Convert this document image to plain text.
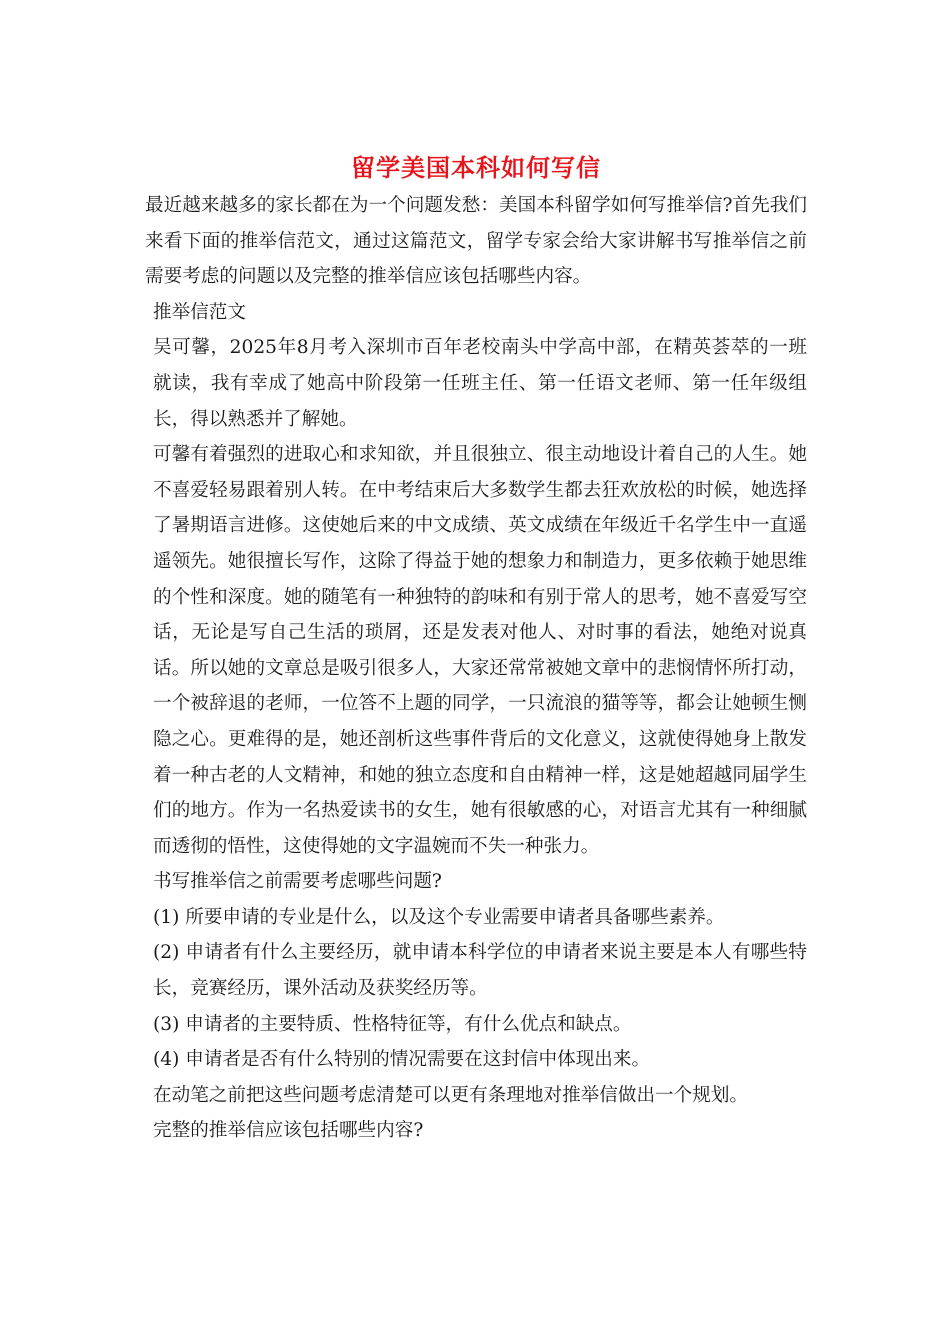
留学美国本科如何写信

最近越来越多的家长都在为一个问题发愁：美国本科留学如何写推举信?首先我们来看下面的推举信范文，通过这篇范文，留学专家会给大家讲解书写推举信之前需要考虑的问题以及完整的推举信应该包括哪些内容。

推举信范文

吴可馨，2025年8月考入深圳市百年老校南头中学高中部，在精英荟萃的一班就读，我有幸成了她高中阶段第一任班主任、第一任语文老师、第一任年级组长，得以熟悉并了解她。

可馨有着强烈的进取心和求知欲，并且很独立、很主动地设计着自己的人生。她不喜爱轻易跟着别人转。在中考结束后大多数学生都去狂欢放松的时候，她选择了暑期语言进修。这使她后来的中文成绩、英文成绩在年级近千名学生中一直遥遥领先。她很擅长写作，这除了得益于她的想象力和制造力，更多依赖于她思维的个性和深度。她的随笔有一种独特的韵味和有别于常人的思考，她不喜爱写空话，无论是写自己生活的琐屑，还是发表对他人、对时事的看法，她绝对说真话。所以她的文章总是吸引很多人，大家还常常被她文章中的悲悯情怀所打动，一个被辞退的老师，一位答不上题的同学，一只流浪的猫等等，都会让她顿生恻隐之心。更难得的是，她还剖析这些事件背后的文化意义，这就使得她身上散发着一种古老的人文精神，和她的独立态度和自由精神一样，这是她超越同届学生们的地方。作为一名热爱读书的女生，她有很敏感的心，对语言尤其有一种细腻而透彻的悟性，这使得她的文字温婉而不失一种张力。

书写推举信之前需要考虑哪些问题?

(1) 所要申请的专业是什么，以及这个专业需要申请者具备哪些素养。

(2) 申请者有什么主要经历，就申请本科学位的申请者来说主要是本人有哪些特长，竞赛经历，课外活动及获奖经历等。

(3) 申请者的主要特质、性格特征等，有什么优点和缺点。

(4) 申请者是否有什么特别的情况需要在这封信中体现出来。

在动笔之前把这些问题考虑清楚可以更有条理地对推举信做出一个规划。

完整的推举信应该包括哪些内容?
